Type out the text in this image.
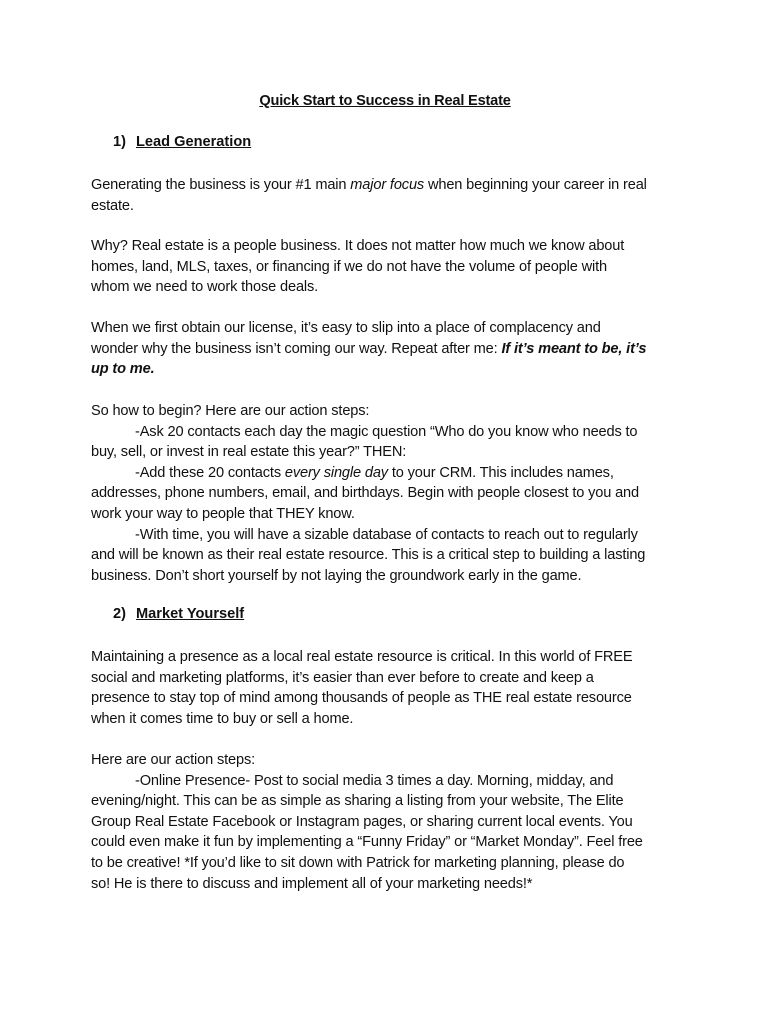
Quick Start to Success in Real Estate
1) Lead Generation
Generating the business is your #1 main major focus when beginning your career in real
estate.
Why? Real estate is a people business. It does not matter how much we know about
homes, land, MLS, taxes, or financing if we do not have the volume of people with
whom we need to work those deals.
When we first obtain our license, it’s easy to slip into a place of complacency and
wonder why the business isn’t coming our way. Repeat after me: If it’s meant to be, it’s
up to me.
So how to begin? Here are our action steps:
-Ask 20 contacts each day the magic question “Who do you know who needs to
buy, sell, or invest in real estate this year?” THEN:
-Add these 20 contacts every single day to your CRM. This includes names,
addresses, phone numbers, email, and birthdays. Begin with people closest to you and
work your way to people that THEY know.
-With time, you will have a sizable database of contacts to reach out to regularly
and will be known as their real estate resource. This is a critical step to building a lasting
business. Don’t short yourself by not laying the groundwork early in the game.
2) Market Yourself
Maintaining a presence as a local real estate resource is critical. In this world of FREE
social and marketing platforms, it’s easier than ever before to create and keep a
presence to stay top of mind among thousands of people as THE real estate resource
when it comes time to buy or sell a home.
Here are our action steps:
-Online Presence- Post to social media 3 times a day. Morning, midday, and
evening/night. This can be as simple as sharing a listing from your website, The Elite
Group Real Estate Facebook or Instagram pages, or sharing current local events. You
could even make it fun by implementing a “Funny Friday” or “Market Monday”. Feel free
to be creative! *If you’d like to sit down with Patrick for marketing planning, please do
so! He is there to discuss and implement all of your marketing needs!*
